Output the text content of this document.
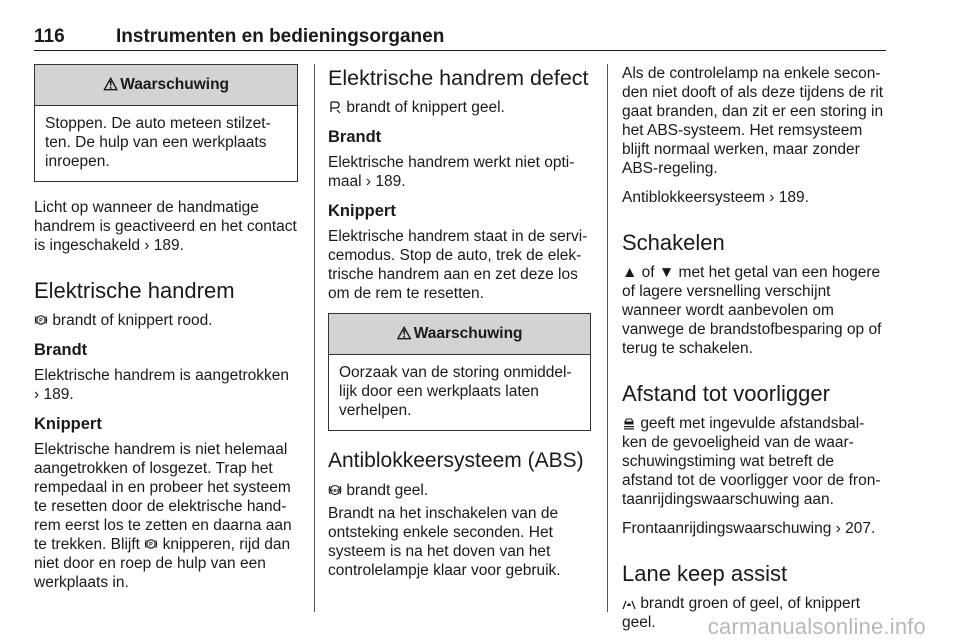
116	Instrumenten en bedieningsorganen
⚠ Waarschuwing
Stoppen. De auto meteen stilzet-ten. De hulp van een werkplaats inroepen.

Licht op wanneer de handmatige handrem is geactiveerd en het contact is ingeschakeld › 189.

Elektrische handrem

P brandt of knippert rood.

Brandt

Elektrische handrem is aangetrokken › 189.

Knippert

Elektrische handrem is niet helemaal aangetrokken of losgezet. Trap het rempedaal in en probeer het systeem te resetten door de elektrische hand-rem eerst los te zetten en daarna aan te trekken. Blijft P knipperen, rijd dan niet door en roep de hulp van een werkplaats in.

Elektrische handrem defect

brandt of knippert geel.

Brandt

Elektrische handrem werkt niet opti-maal › 189.

Knippert

Elektrische handrem staat in de servi-cemodus. Stop de auto, trek de elek-trische handrem aan en zet deze los om de rem te resetten.

⚠ Waarschuwing
Oorzaak van de storing onmiddel-lijk door een werkplaats laten verhelpen.
Antiblokkeersysteem (ABS)

ABS brandt geel.

Brandt na het inschakelen van de ontsteking enkele seconden. Het systeem is na het doven van het controlelampje klaar voor gebruik.

Als de controlelamp na enkele secon-den niet dooft of als deze tijdens de rit gaat branden, dan zit er een storing in het ABS-systeem. Het remsysteem blijft normaal werken, maar zonder ABS-regeling.

Antiblokkeersysteem › 189.

Schakelen

▲ of ▼ met het getal van een hogere of lagere versnelling verschijnt wanneer wordt aanbevolen om vanwege de brandstofbesparing op of terug te schakelen.

Afstand tot voorligger

geeft met ingevulde afstandsbal-ken de gevoeligheid van de waar-schuwingstiming wat betreft de afstand tot de voorligger voor de fron-taanrijdingswaarschuwing aan.

Frontaanrijdingswaarschuwing › 207.

Lane keep assist

brandt groen of geel, of knippert geel.	carmanualsonline.info
